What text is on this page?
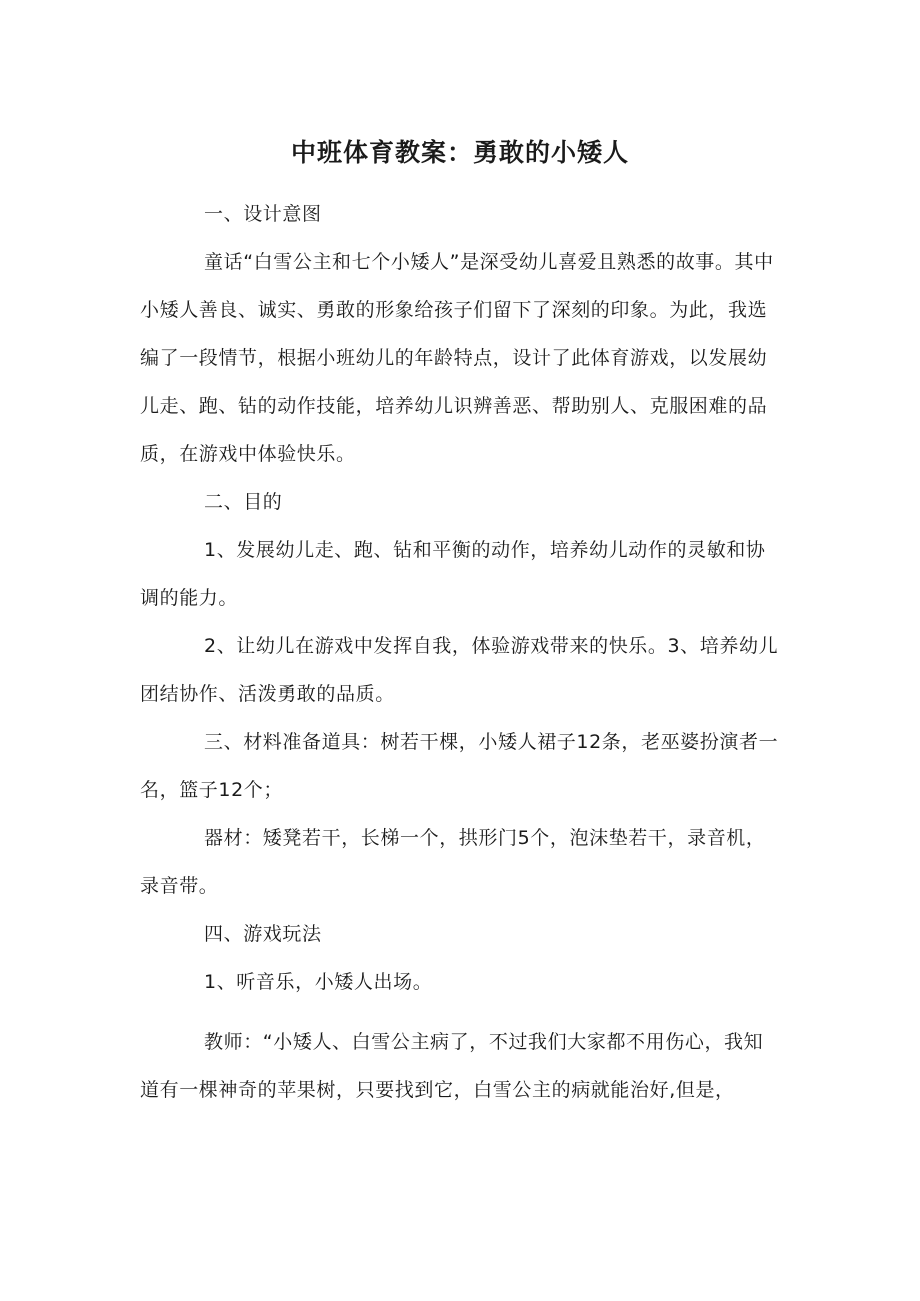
中班体育教案：勇敢的小矮人

一、设计意图

童话“白雪公主和七个小矮人”是深受幼儿喜爱且熟悉的故事。其中小矮人善良、诚实、勇敢的形象给孩子们留下了深刻的印象。为此，我选编了一段情节，根据小班幼儿的年龄特点，设计了此体育游戏，以发展幼儿走、跑、钻的动作技能，培养幼儿识辨善恶、帮助别人、克服困难的品质，在游戏中体验快乐。

二、目的

1、发展幼儿走、跑、钻和平衡的动作，培养幼儿动作的灵敏和协调的能力。

2、让幼儿在游戏中发挥自我，体验游戏带来的快乐。3、培养幼儿团结协作、活泼勇敢的品质。

三、材料准备道具：树若干棵，小矮人裙子12条，老巫婆扮演者一名，篮子12个；

器材：矮凳若干，长梯一个，拱形门5个，泡沫垫若干，录音机，录音带。

四、游戏玩法

1、听音乐，小矮人出场。

教师：“小矮人、白雪公主病了，不过我们大家都不用伤心，我知道有一棵神奇的苹果树，只要找到它，白雪公主的病就能治好,但是，
